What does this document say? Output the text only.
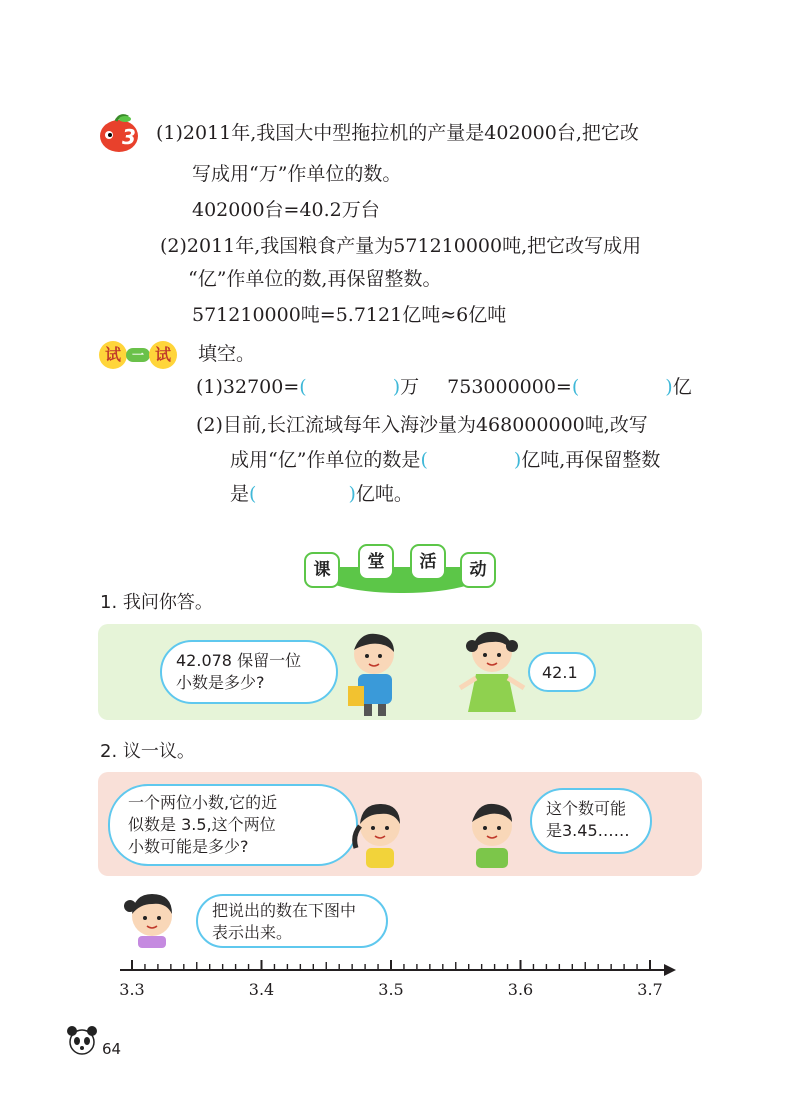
3 (1)2011年,我国大中型拖拉机的产量是402000台,把它改
写成用“万”作单位的数。
402000台=40.2万台
(2)2011年,我国粮食产量为571210000吨,把它改写成用
“亿”作单位的数,再保留整数。
571210000吨=5.7121亿吨≈6亿吨
试 一 试	填空。
(1)32700=(	)万 753000000=(	)亿
(2)目前,长江流域每年入海沙量为468000000吨,改写
成用“亿”作单位的数是(	)亿吨,再保留整数
是(	)亿吨。
课	堂	活	动
1. 我问你答。
42.078 保留一位
小数是多少?
42.1
2. 议一议。
一个两位小数,它的近
似数是 3.5,这个两位
小数可能是多少?
这个数可能
是3.45……
把说出的数在下图中
表示出来。
3.3	3.4	3.5	3.6	3.7
64
